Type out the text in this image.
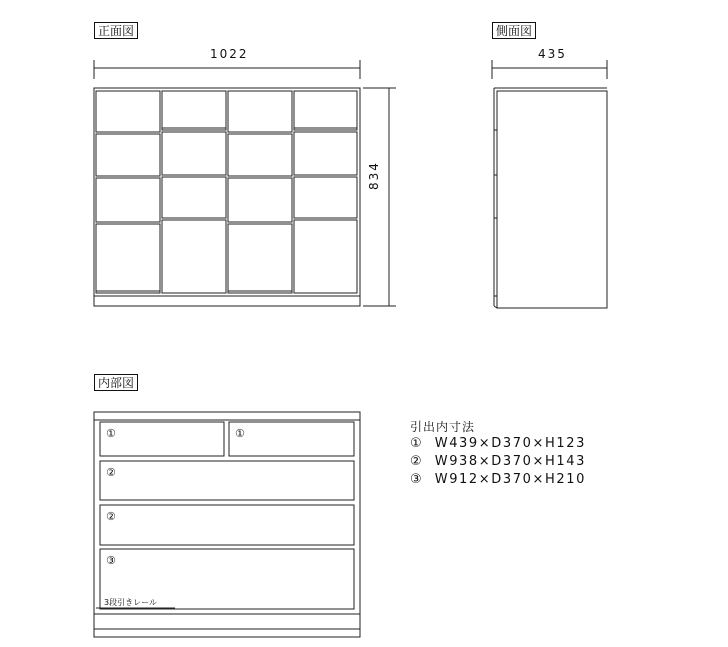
正面図
1022
834
側面図
435
内部図
①	①
②
②
③
3段引きレール
引出内寸法
① W439×D370×H123
② W938×D370×H143
③ W912×D370×H210
